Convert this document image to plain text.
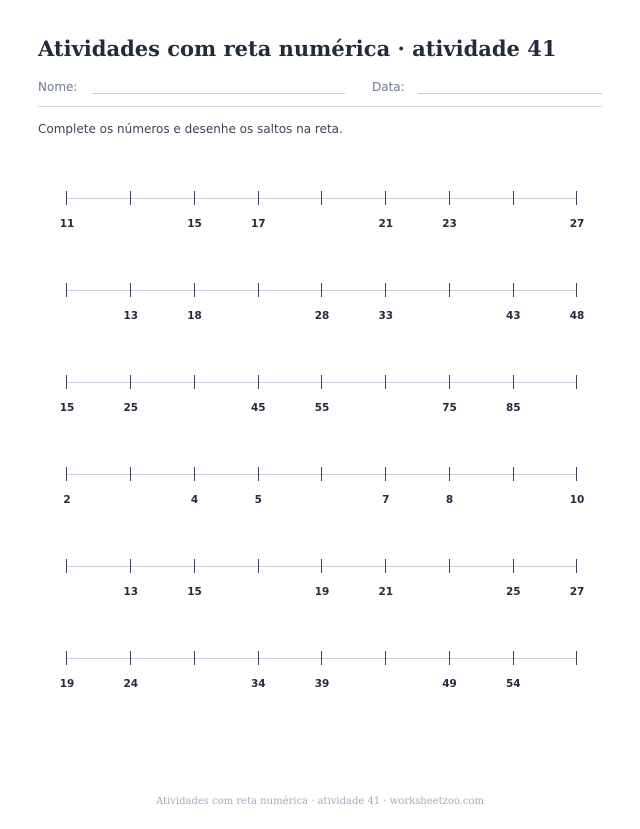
Atividades com reta numérica · atividade 41
Nome:	Data:

Complete os números e desenhe os saltos na reta.

11	15	17	21	23	27
13	18	28	33	43	48
15	25	45	55	75	85
2	4	5	7	8	10
13	15	19	21	25	27
19	24	34	39	49	54
Atividades com reta numérica · atividade 41 · worksheetzoo.com
